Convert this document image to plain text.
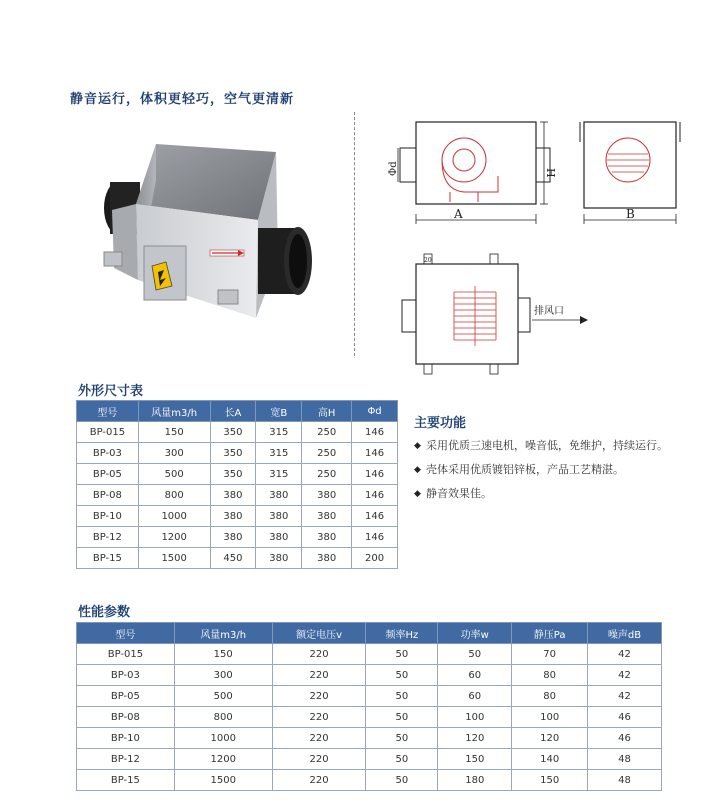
静音运行，体积更轻巧，空气更清新
H
Φd
A	B
20
排风口
外形尺寸表
型号	风量m3/h	长A	宽B	高H	Φd
BP-015	150	350	315	250	146
BP-03	300	350	315	250	146
BP-05	500	350	315	250	146
BP-08	800	380	380	380	146
BP-10	1000	380	380	380	146
BP-12	1200	380	380	380	146
BP-15	1500	450	380	380	200
主要功能
◆ 采用优质三速电机，噪音低，免维护，持续运行。
◆ 壳体采用优质镀铝锌板，产品工艺精湛。
◆ 静音效果佳。
性能参数
型号	风量m3/h	额定电压v	频率Hz	功率w	静压Pa	噪声dB
BP-015	150	220	50	50	70	42
BP-03	300	220	50	60	80	42
BP-05	500	220	50	60	80	42
BP-08	800	220	50	100	100	46
BP-10	1000	220	50	120	120	46
BP-12	1200	220	50	150	140	48
BP-15	1500	220	50	180	150	48
